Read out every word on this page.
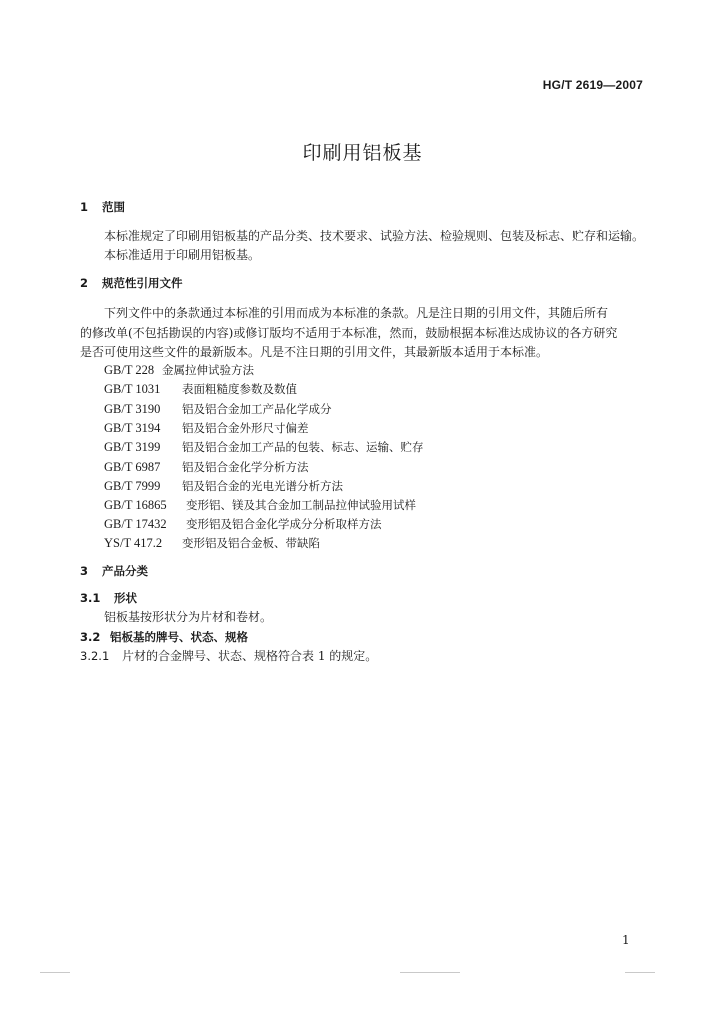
HG/T 2619—2007
印刷用铝板基
1 范围
本标准规定了印刷用铝板基的产品分类、技术要求、试验方法、检验规则、包装及标志、贮存和运输。
本标准适用于印刷用铝板基。
2 规范性引用文件
下列文件中的条款通过本标准的引用而成为本标准的条款。凡是注日期的引用文件，其随后所有
的修改单(不包括勘误的内容)或修订版均不适用于本标准，然而，鼓励根据本标准达成协议的各方研究
是否可使用这些文件的最新版本。凡是不注日期的引用文件，其最新版本适用于本标准。
GB/T 228 金属拉伸试验方法
GB/T 1031 表面粗糙度参数及数值
GB/T 3190 铝及铝合金加工产品化学成分
GB/T 3194 铝及铝合金外形尺寸偏差
GB/T 3199 铝及铝合金加工产品的包装、标志、运输、贮存
GB/T 6987 铝及铝合金化学分析方法
GB/T 7999 铝及铝合金的光电光谱分析方法
GB/T 16865 变形铝、镁及其合金加工制品拉伸试验用试样
GB/T 17432 变形铝及铝合金化学成分分析取样方法
YS/T 417.2 变形铝及铝合金板、带缺陷
3 产品分类
3.1 形状
铝板基按形状分为片材和卷材。
3.2 铝板基的牌号、状态、规格
3.2.1 片材的合金牌号、状态、规格符合表 1 的规定。
1
